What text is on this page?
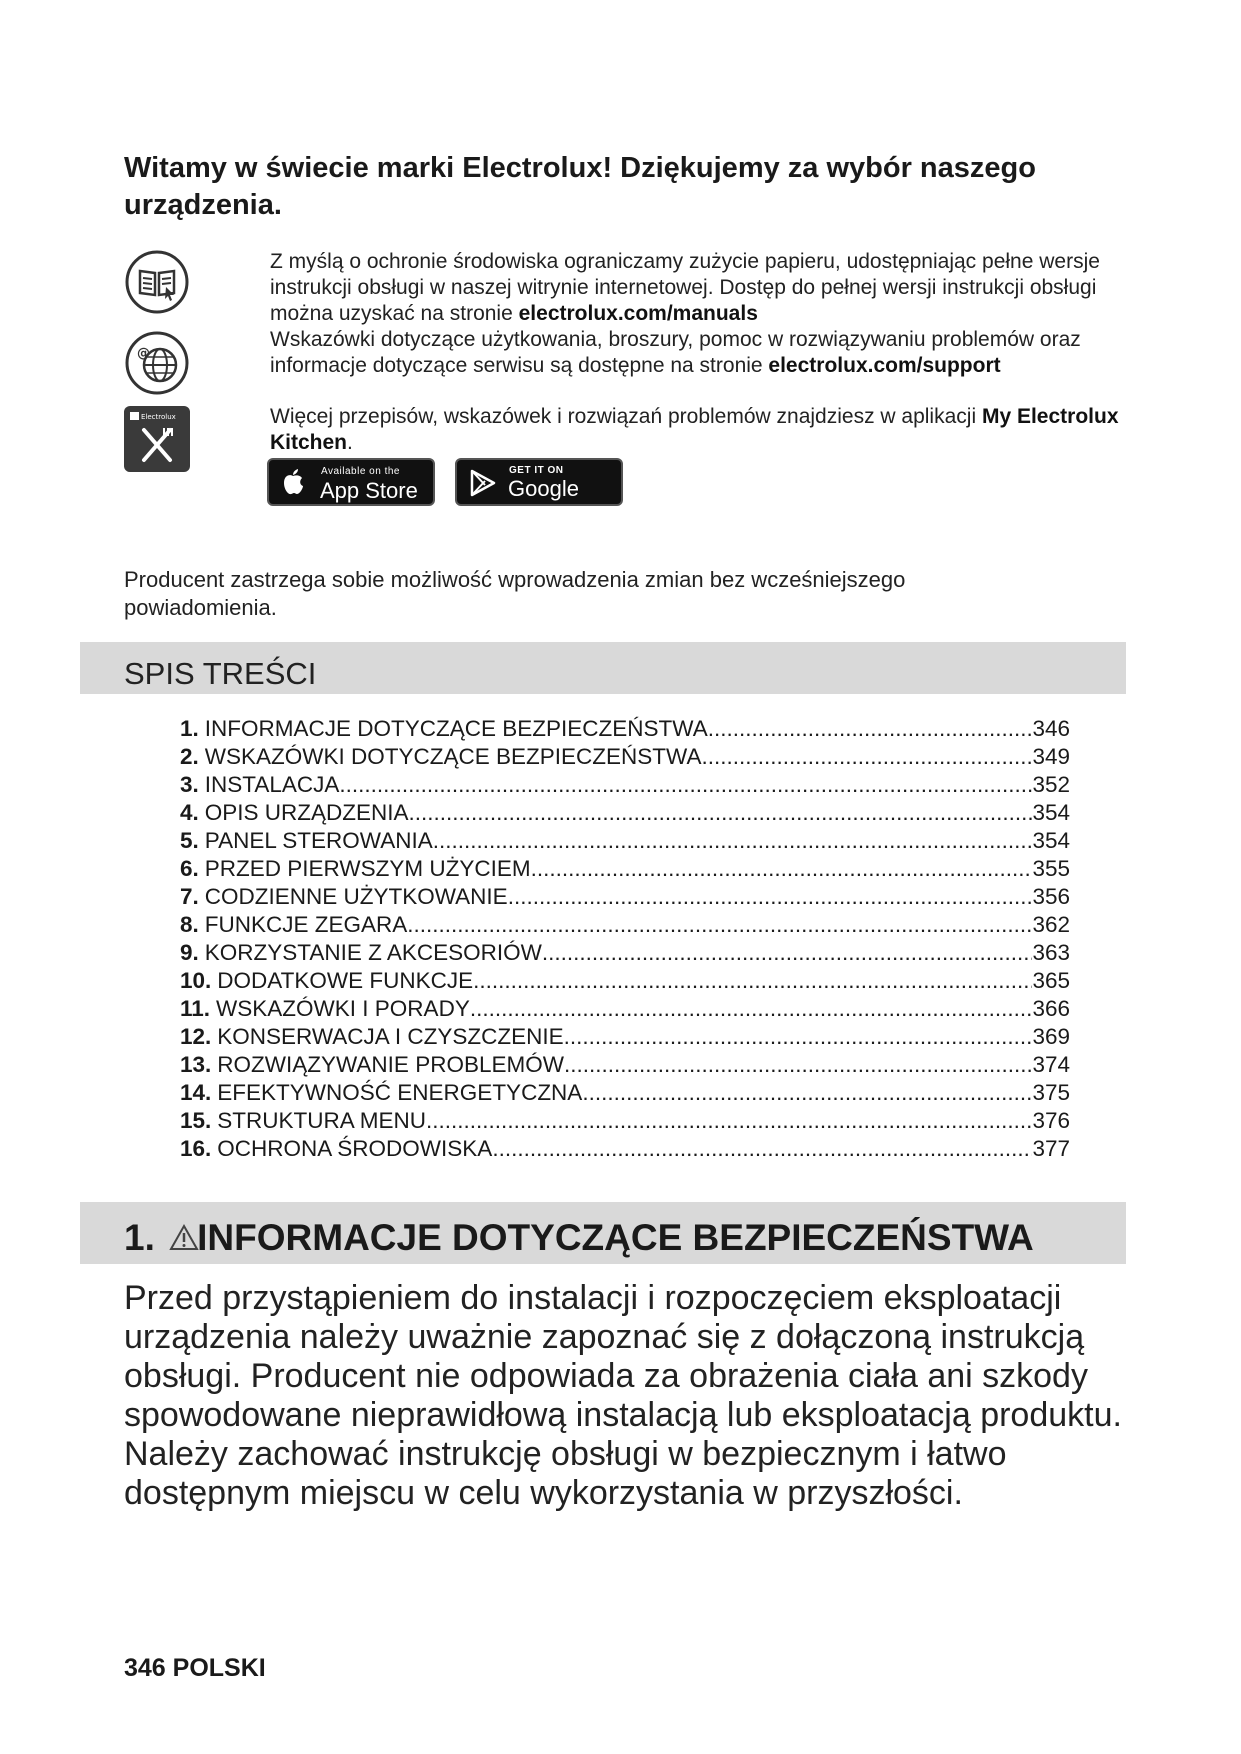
Witamy w świecie marki Electrolux! Dziękujemy za wybór naszego urządzenia.
@
Electrolux
Z myślą o ochronie środowiska ograniczamy zużycie papieru, udostępniając pełne wersje instrukcji obsługi w naszej witrynie internetowej. Dostęp do pełnej wersji instrukcji obsługi można uzyskać na stronie electrolux.com/manuals
Wskazówki dotyczące użytkowania, broszury, pomoc w rozwiązywaniu problemów oraz informacje dotyczące serwisu są dostępne na stronie electrolux.com/support
Więcej przepisów, wskazówek i rozwiązań problemów znajdziesz w aplikacji My Electrolux Kitchen.
Available on the
App Store
GET IT ON
Google Play
Producent zastrzega sobie możliwość wprowadzenia zmian bez wcześniejszego powiadomienia.
SPIS TREŚCI
1. INFORMACJE DOTYCZĄCE BEZPIECZEŃSTWA .....	346
2. WSKAZÓWKI DOTYCZĄCE BEZPIECZEŃSTWA .....	349
3. INSTALACJA .....	352
4. OPIS URZĄDZENIA .....	354
5. PANEL STEROWANIA .....	354
6. PRZED PIERWSZYM UŻYCIEM .....	355
7. CODZIENNE UŻYTKOWANIE .....	356
8. FUNKCJE ZEGARA .....	362
9. KORZYSTANIE Z AKCESORIÓW .....	363
10. DODATKOWE FUNKCJE .....	365
11. WSKAZÓWKI I PORADY .....	366
12. KONSERWACJA I CZYSZCZENIE .....	369
13. ROZWIĄZYWANIE PROBLEMÓW .....	374
14. EFEKTYWNOŚĆ ENERGETYCZNA .....	375
15. STRUKTURA MENU .....	376
16. OCHRONA ŚRODOWISKA .....	377
1. INFORMACJE DOTYCZĄCE BEZPIECZEŃSTWA
Przed przystąpieniem do instalacji i rozpoczęciem eksploatacji urządzenia należy uważnie zapoznać się z dołączoną instrukcją obsługi. Producent nie odpowiada za obrażenia ciała ani szkody spowodowane nieprawidłową instalacją lub eksploatacją produktu. Należy zachować instrukcję obsługi w bezpiecznym i łatwo dostępnym miejscu w celu wykorzystania w przyszłości.
346 POLSKI
